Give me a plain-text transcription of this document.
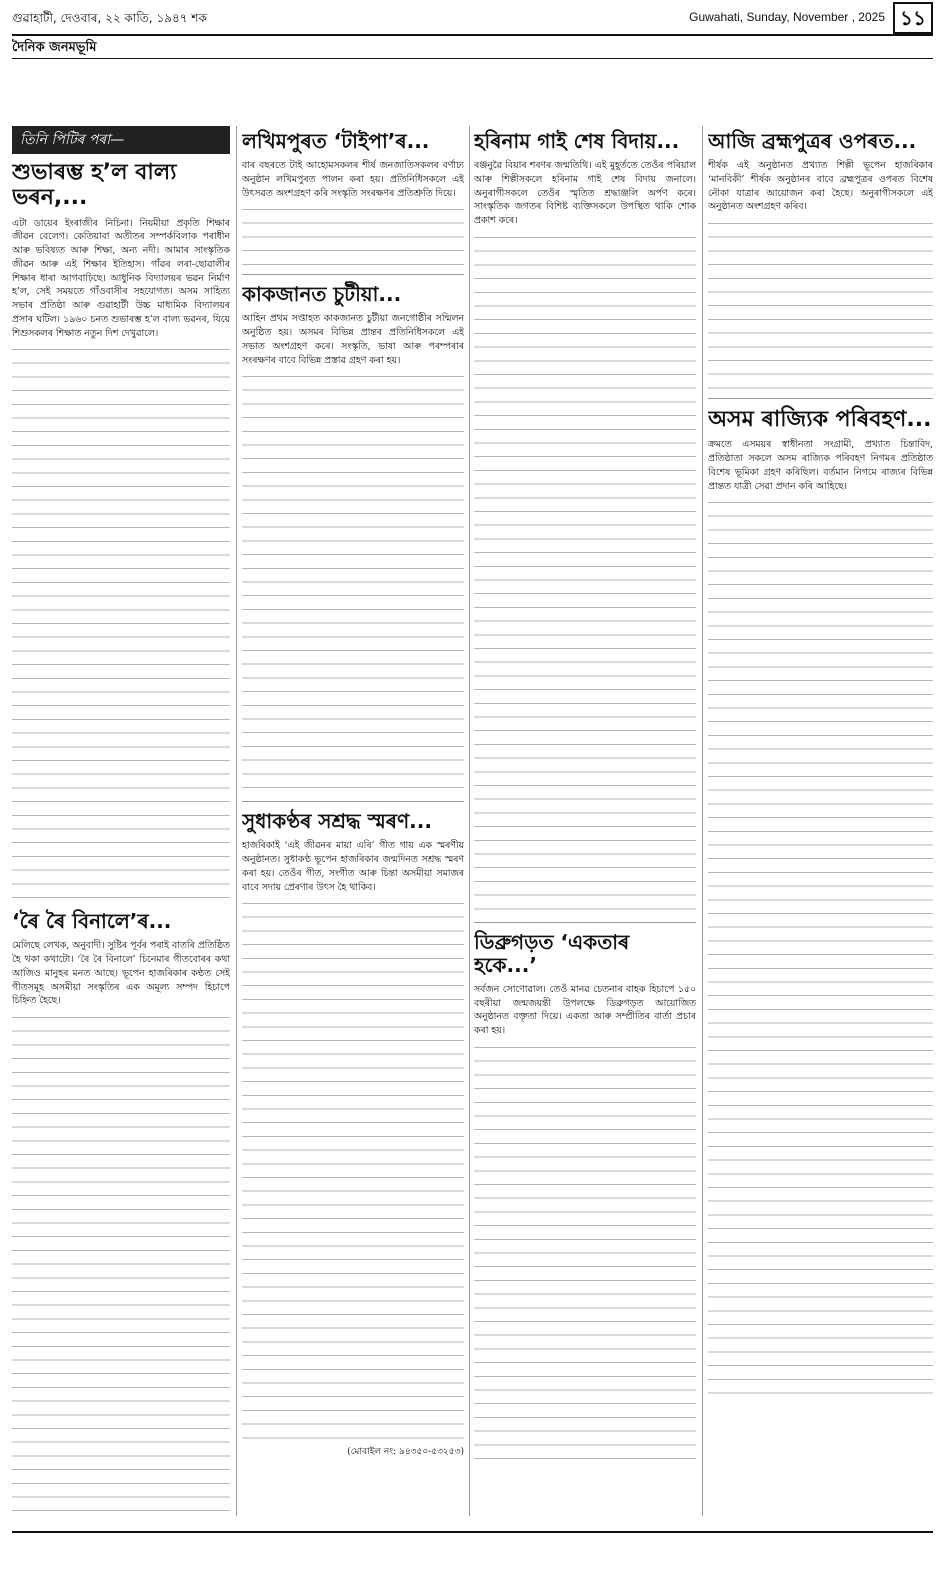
গুৱাহাটী, দেওবাৰ, ২২ কাতি, ১৯৪৭ শক	Guwahati, Sunday, November , 2025 ১১
দৈনিক জনমভূমি
তিনি পিটিৰ পৰা—
শুভাৰম্ভ হ’ল বাল্য ভৰন,...

এটা ডায়েৰ ইংৰাজীৰ নিচিনা। নিয়মীয়া প্ৰকৃতি শিক্ষাৰ জীৱন বেলেগ। কেতিয়াবা অতীতৰ সম্পৰ্কবিলাক পৰাধীন আৰু ভবিষ্যত আৰু শিক্ষা, অন্য নদী। আমাৰ সাংস্কৃতিক জীৱন আৰু এই শিক্ষাৰ ইতিহাস। গাঁৱৰ লৰা-ছোৱালীৰ শিক্ষাৰ ধাৰা আগবাঢ়িছে। আধুনিক বিদ্যালয়ৰ ভৱন নিৰ্মাণ হ’ল, সেই সময়তে গাঁওবাসীৰ সহযোগত। অসম সাহিত্য সভাৰ প্ৰতিষ্ঠা আৰু গুৱাহাটী উচ্চ মাধ্যমিক বিদ্যালয়ৰ প্ৰসাৰ ঘটিল। ১৯৬০ চনত শুভাৰম্ভ হ’ল বাল্য ভৱনৰ, যিয়ে শিশুসকলৰ শিক্ষাত নতুন দিশ দেখুৱালে।

‘ৰৈ ৰৈ বিনালে’ৰ...

মেলিছে লেখক, অনুবাদী। সুষ্টিৰ পূৰ্বৰ পৰাই বাতৰি প্ৰতিষ্ঠিত হৈ থকা কথাটো। ‘ৰৈ ৰৈ বিনালে’ চিনেমাৰ গীতবোৰৰ কথা আজিও মানুহৰ মনত আছে। ভূপেন হাজৰিকাৰ কণ্ঠত সেই গীতসমূহ অসমীয়া সংস্কৃতিৰ এক অমূল্য সম্পদ হিচাপে চিহ্নিত হৈছে।

লখিমপুৰত ‘টাইপা’ৰ...

বাৰ বছৰতে টাই আহোমসকলৰ শীৰ্ষ জনজাতিসকলৰ বৰ্ণাঢ্য অনুষ্ঠান লখিমপুৰত পালন কৰা হয়। প্ৰতিনিধিসকলে এই উৎসৱত অংশগ্ৰহণ কৰি সংস্কৃতি সংৰক্ষণৰ প্ৰতিশ্ৰুতি দিয়ে।

কাকজানত চুটীয়া...

আহিন প্ৰথম সপ্তাহত কাকজানত চুটীয়া জনগোষ্ঠীৰ সন্মিলন অনুষ্ঠিত হয়। অসমৰ বিভিন্ন প্ৰান্তৰ প্ৰতিনিধিসকলে এই সভাত অংশগ্ৰহণ কৰে। সংস্কৃতি, ভাষা আৰু পৰম্পৰাৰ সংৰক্ষণৰ বাবে বিভিন্ন প্ৰস্তাৱ গ্ৰহণ কৰা হয়।

সুধাকণ্ঠৰ সশ্ৰদ্ধ স্মৰণ...

হাজৰিকাই ‘এই জীৱনৰ মায়া এৰি’ গীত গায় এক স্মৰণীয় অনুষ্ঠানত। সুধাকণ্ঠ ভূপেন হাজৰিকাৰ জন্মদিনত সশ্ৰদ্ধ স্মৰণ কৰা হয়। তেওঁৰ গীত, সংগীত আৰু চিন্তা অসমীয়া সমাজৰ বাবে সদায় প্ৰেৰণাৰ উৎস হৈ থাকিব।

(মোবাইল নং: ৯৪৩৫০-৫৩২৫৩)
হৰিনাম গাই শেষ বিদায়...

ৰঞ্জনুৱৈ বিয়াৰ শৰণৰ জন্মতিথি। এই মুহূৰ্ততে তেওঁৰ পৰিয়াল আৰু শিল্পীসকলে হৰিনাম গাই শেষ বিদায় জনালে। অনুৰাগীসকলে তেওঁৰ স্মৃতিত শ্ৰদ্ধাঞ্জলি অৰ্পণ কৰে। সাংস্কৃতিক জগতৰ বিশিষ্ট ব্যক্তিসকলে উপস্থিত থাকি শোক প্ৰকাশ কৰে।

ডিব্ৰুগড়ত ‘একতাৰ হকে...’

সৰ্বজন সোণোৱাল। তেওঁ মানৱ চেতনাৰ বাহক হিচাপে ১৫০ বছৰীয়া জন্মজয়ন্তী উপলক্ষে ডিব্ৰুগড়ত আয়োজিত অনুষ্ঠানত বক্তৃতা দিয়ে। একতা আৰু সম্প্ৰীতিৰ বাৰ্তা প্ৰচাৰ কৰা হয়।

আজি ব্ৰহ্মপুত্ৰৰ ওপৰত...

শীৰ্ষক এই অনুষ্ঠানত প্ৰখ্যাত শিল্পী ভূপেন হাজৰিকাৰ ‘মানবিকী’ শীৰ্ষক অনুষ্ঠানৰ বাবে ব্ৰহ্মপুত্ৰৰ ওপৰত বিশেষ নৌকা যাত্ৰাৰ আয়োজন কৰা হৈছে। অনুৰাগীসকলে এই অনুষ্ঠানত অংশগ্ৰহণ কৰিব।

অসম ৰাজ্যিক পৰিবহণ...

ক্ৰমতে এসময়ৰ স্বাধীনতা সংগ্ৰামী, প্ৰখ্যাত চিন্তাবিদ, প্ৰতিষ্ঠাতা সকলে অসম ৰাজ্যিক পৰিবহণ নিগমৰ প্ৰতিষ্ঠাত বিশেষ ভূমিকা গ্ৰহণ কৰিছিল। বৰ্তমান নিগমে ৰাজ্যৰ বিভিন্ন প্ৰান্তত যাত্ৰী সেৱা প্ৰদান কৰি আহিছে।
